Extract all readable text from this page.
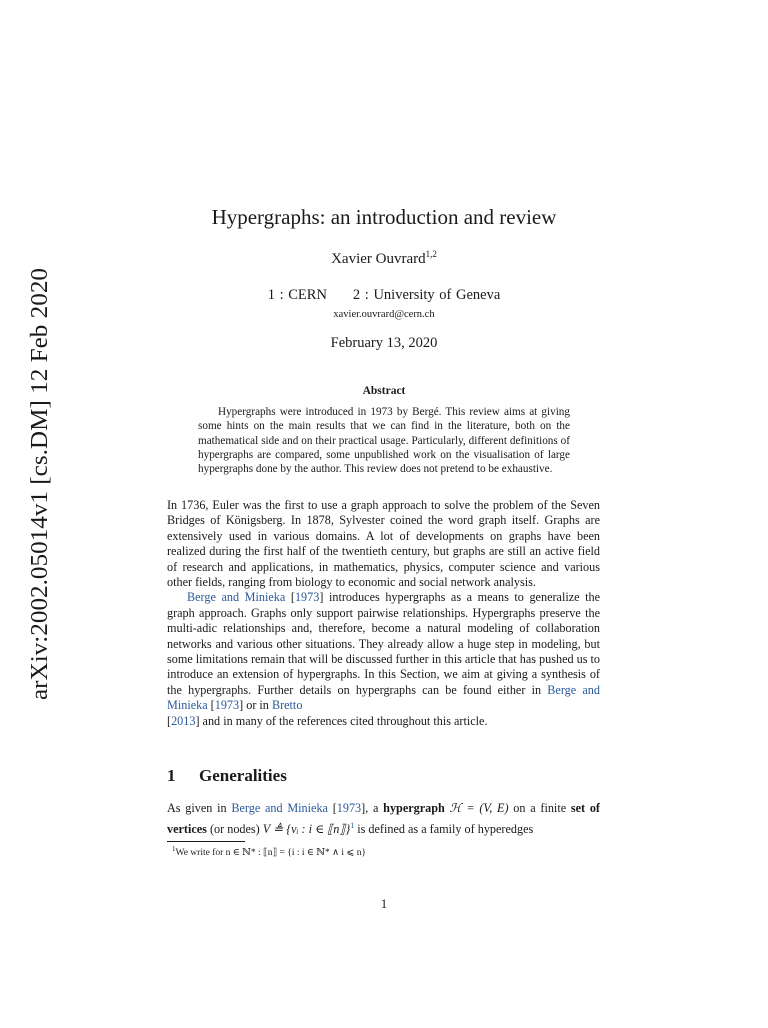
arXiv:2002.05014v1 [cs.DM] 12 Feb 2020
Hypergraphs: an introduction and review
Xavier Ouvrard$^{1,2}$
1 : CERN 2 : University of Geneva
xavier.ouvrard@cern.ch
February 13, 2020
Abstract
Hypergraphs were introduced in 1973 by Bergé. This review aims at giving some hints on the main results that we can find in the literature, both on the mathematical side and on their practical usage. Particularly, different definitions of hypergraphs are compared, some unpublished work on the visualisation of large hypergraphs done by the author. This review does not pretend to be exhaustive.

In 1736, Euler was the first to use a graph approach to solve the problem of the Seven Bridges of Königsberg. In 1878, Sylvester coined the word graph itself. Graphs are extensively used in various domains. A lot of developments on graphs have been realized during the first half of the twentieth century, but graphs are still an active field of research and applications, in mathematics, physics, computer science and various other fields, ranging from biology to economic and social network analysis.

Berge and Minieka [1973] introduces hypergraphs as a means to generalize the graph approach. Graphs only support pairwise relationships. Hypergraphs preserve the multi-adic relationships and, therefore, become a natural modeling of collaboration networks and various other situations. They already allow a huge step in modeling, but some limitations remain that will be discussed further in this article that has pushed us to introduce an extension of hypergraphs. In this Section, we aim at giving a synthesis of the hypergraphs. Further details on hypergraphs can be found either in Berge and Minieka [1973] or in Bretto
[2013] and in many of the references cited throughout this article.

1 Generalities
As given in Berge and Minieka [1973], a hypergraph ℋ = (V, E) on a finite set of vertices (or nodes) V ≜ {vᵢ : i ∈ ⟦n⟧}$^1$ is defined as a family of hyperedges
$^1$We write for n ∈ ℕ* : ⟦n⟧ = {i : i ∈ ℕ* ∧ i ⩽ n}
1
